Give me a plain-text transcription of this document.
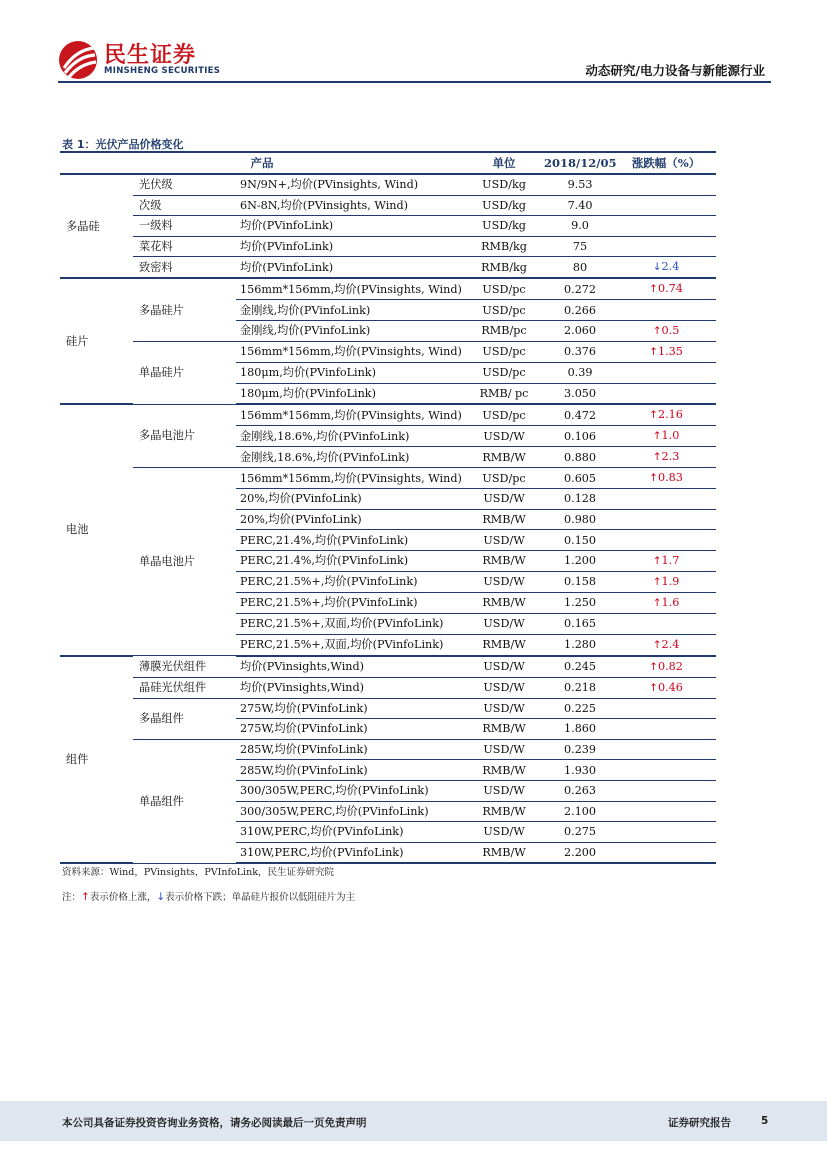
民生证券
MINSHENG SECURITIES	动态研究/电力设备与新能源行业
表 1：光伏产品价格变化
产品			单位	2018/12/05	涨跌幅（%）
多晶硅	光伏级	9N/9N+,均价(PVinsights, Wind)	USD/kg	9.53	
	次级	6N-8N,均价(PVinsights, Wind)	USD/kg	7.40	
	一级料	均价(PVinfoLink)	USD/kg	9.0	
	菜花料	均价(PVinfoLink)	RMB/kg	75	
	致密料	均价(PVinfoLink)	RMB/kg	80	↓2.4
硅片	多晶硅片	156mm*156mm,均价(PVinsights, Wind)	USD/pc	0.272	↑0.74
		金刚线,均价(PVinfoLink)	USD/pc	0.266	
		金刚线,均价(PVinfoLink)	RMB/pc	2.060	↑0.5
	单晶硅片	156mm*156mm,均价(PVinsights, Wind)	USD/pc	0.376	↑1.35
		180μm,均价(PVinfoLink)	USD/pc	0.39	
		180μm,均价(PVinfoLink)	RMB/ pc	3.050	
电池	多晶电池片	156mm*156mm,均价(PVinsights, Wind)	USD/pc	0.472	↑2.16
		金刚线,18.6%,均价(PVinfoLink)	USD/W	0.106	↑1.0
		金刚线,18.6%,均价(PVinfoLink)	RMB/W	0.880	↑2.3
	单晶电池片	156mm*156mm,均价(PVinsights, Wind)	USD/pc	0.605	↑0.83
		20%,均价(PVinfoLink)	USD/W	0.128	
		20%,均价(PVinfoLink)	RMB/W	0.980	
		PERC,21.4%,均价(PVinfoLink)	USD/W	0.150	
		PERC,21.4%,均价(PVinfoLink)	RMB/W	1.200	↑1.7
		PERC,21.5%+,均价(PVinfoLink)	USD/W	0.158	↑1.9
		PERC,21.5%+,均价(PVinfoLink)	RMB/W	1.250	↑1.6
		PERC,21.5%+,双面,均价(PVinfoLink)	USD/W	0.165	
		PERC,21.5%+,双面,均价(PVinfoLink)	RMB/W	1.280	↑2.4
组件	薄膜光伏组件	均价(PVinsights,Wind)	USD/W	0.245	↑0.82
	晶硅光伏组件	均价(PVinsights,Wind)	USD/W	0.218	↑0.46
	多晶组件	275W,均价(PVinfoLink)	USD/W	0.225	
		275W,均价(PVinfoLink)	RMB/W	1.860	
	单晶组件	285W,均价(PVinfoLink)	USD/W	0.239	
		285W,均价(PVinfoLink)	RMB/W	1.930	
		300/305W,PERC,均价(PVinfoLink)	USD/W	0.263	
		300/305W,PERC,均价(PVinfoLink)	RMB/W	2.100	
		310W,PERC,均价(PVinfoLink)	USD/W	0.275	
		310W,PERC,均价(PVinfoLink)	RMB/W	2.200	
资料来源：Wind，PVinsights，PVInfoLink，民生证券研究院
注：↑表示价格上涨，↓表示价格下跌；单晶硅片报价以低阻硅片为主
本公司具备证券投资咨询业务资格，请务必阅读最后一页免责声明	证券研究报告	5
